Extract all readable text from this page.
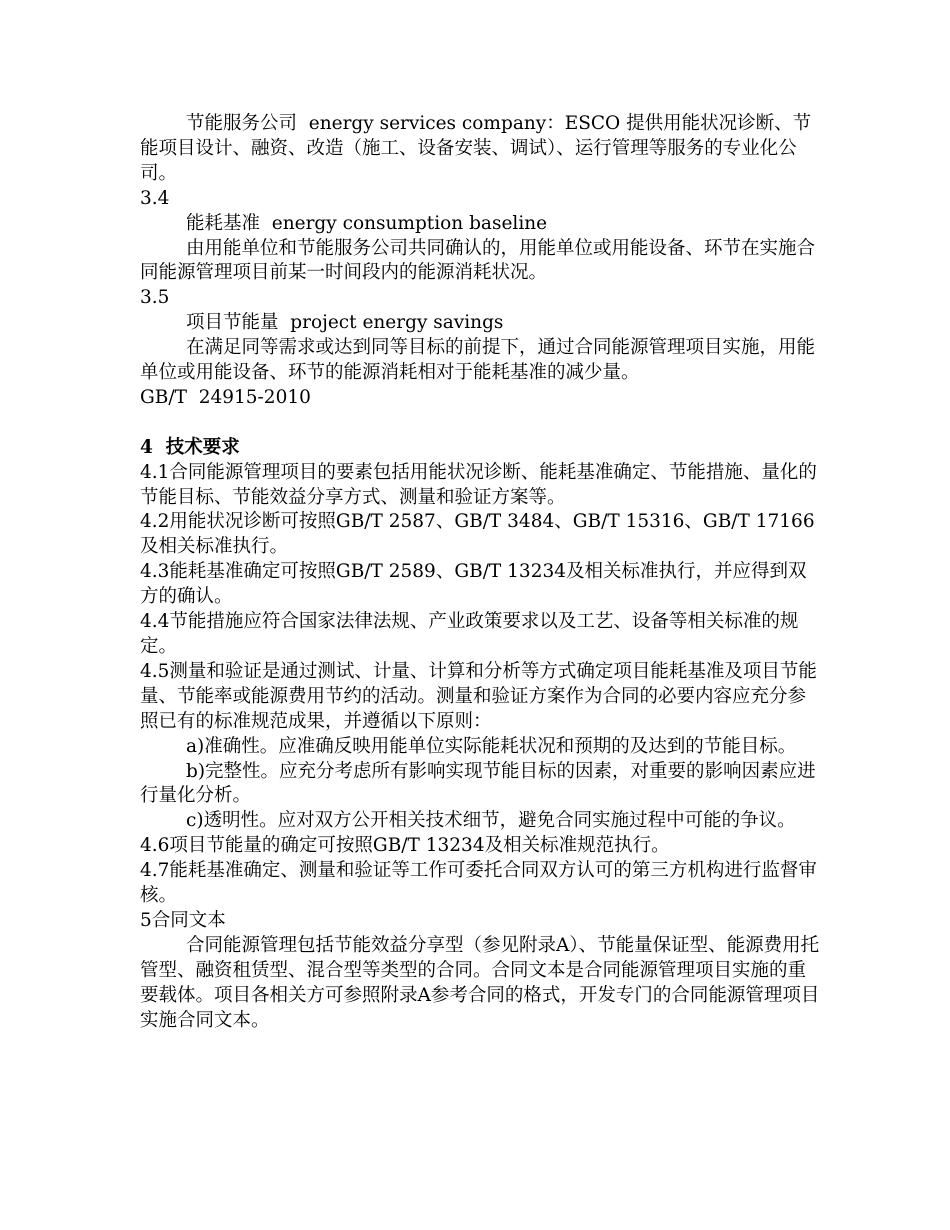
节能服务公司  energy services company：ESCO 提供用能状况诊断、节能项目设计、融资、改造（施工、设备安装、调试）、运行管理等服务的专业化公司。

3.4

能耗基准  energy consumption baseline

由用能单位和节能服务公司共同确认的，用能单位或用能设备、环节在实施合同能源管理项目前某一时间段内的能源消耗状况。

3.5

项目节能量  project energy savings

在满足同等需求或达到同等目标的前提下，通过合同能源管理项目实施，用能单位或用能设备、环节的能源消耗相对于能耗基准的减少量。

GB/T  24915-2010

4  技术要求

4.1合同能源管理项目的要素包括用能状况诊断、能耗基准确定、节能措施、量化的节能目标、节能效益分享方式、测量和验证方案等。

4.2用能状况诊断可按照GB/T 2587、GB/T 3484、GB/T 15316、GB/T 17166及相关标准执行。

4.3能耗基准确定可按照GB/T 2589、GB/T 13234及相关标准执行，并应得到双方的确认。

4.4节能措施应符合国家法律法规、产业政策要求以及工艺、设备等相关标准的规定。

4.5测量和验证是通过测试、计量、计算和分析等方式确定项目能耗基准及项目节能量、节能率或能源费用节约的活动。测量和验证方案作为合同的必要内容应充分参照已有的标准规范成果，并遵循以下原则：

a)准确性。应准确反映用能单位实际能耗状况和预期的及达到的节能目标。

b)完整性。应充分考虑所有影响实现节能目标的因素，对重要的影响因素应进行量化分析。

c)透明性。应对双方公开相关技术细节，避免合同实施过程中可能的争议。

4.6项目节能量的确定可按照GB/T 13234及相关标准规范执行。

4.7能耗基准确定、测量和验证等工作可委托合同双方认可的第三方机构进行监督审核。

5合同文本

合同能源管理包括节能效益分享型（参见附录A）、节能量保证型、能源费用托管型、融资租赁型、混合型等类型的合同。合同文本是合同能源管理项目实施的重要载体。项目各相关方可参照附录A参考合同的格式，开发专门的合同能源管理项目实施合同文本。
